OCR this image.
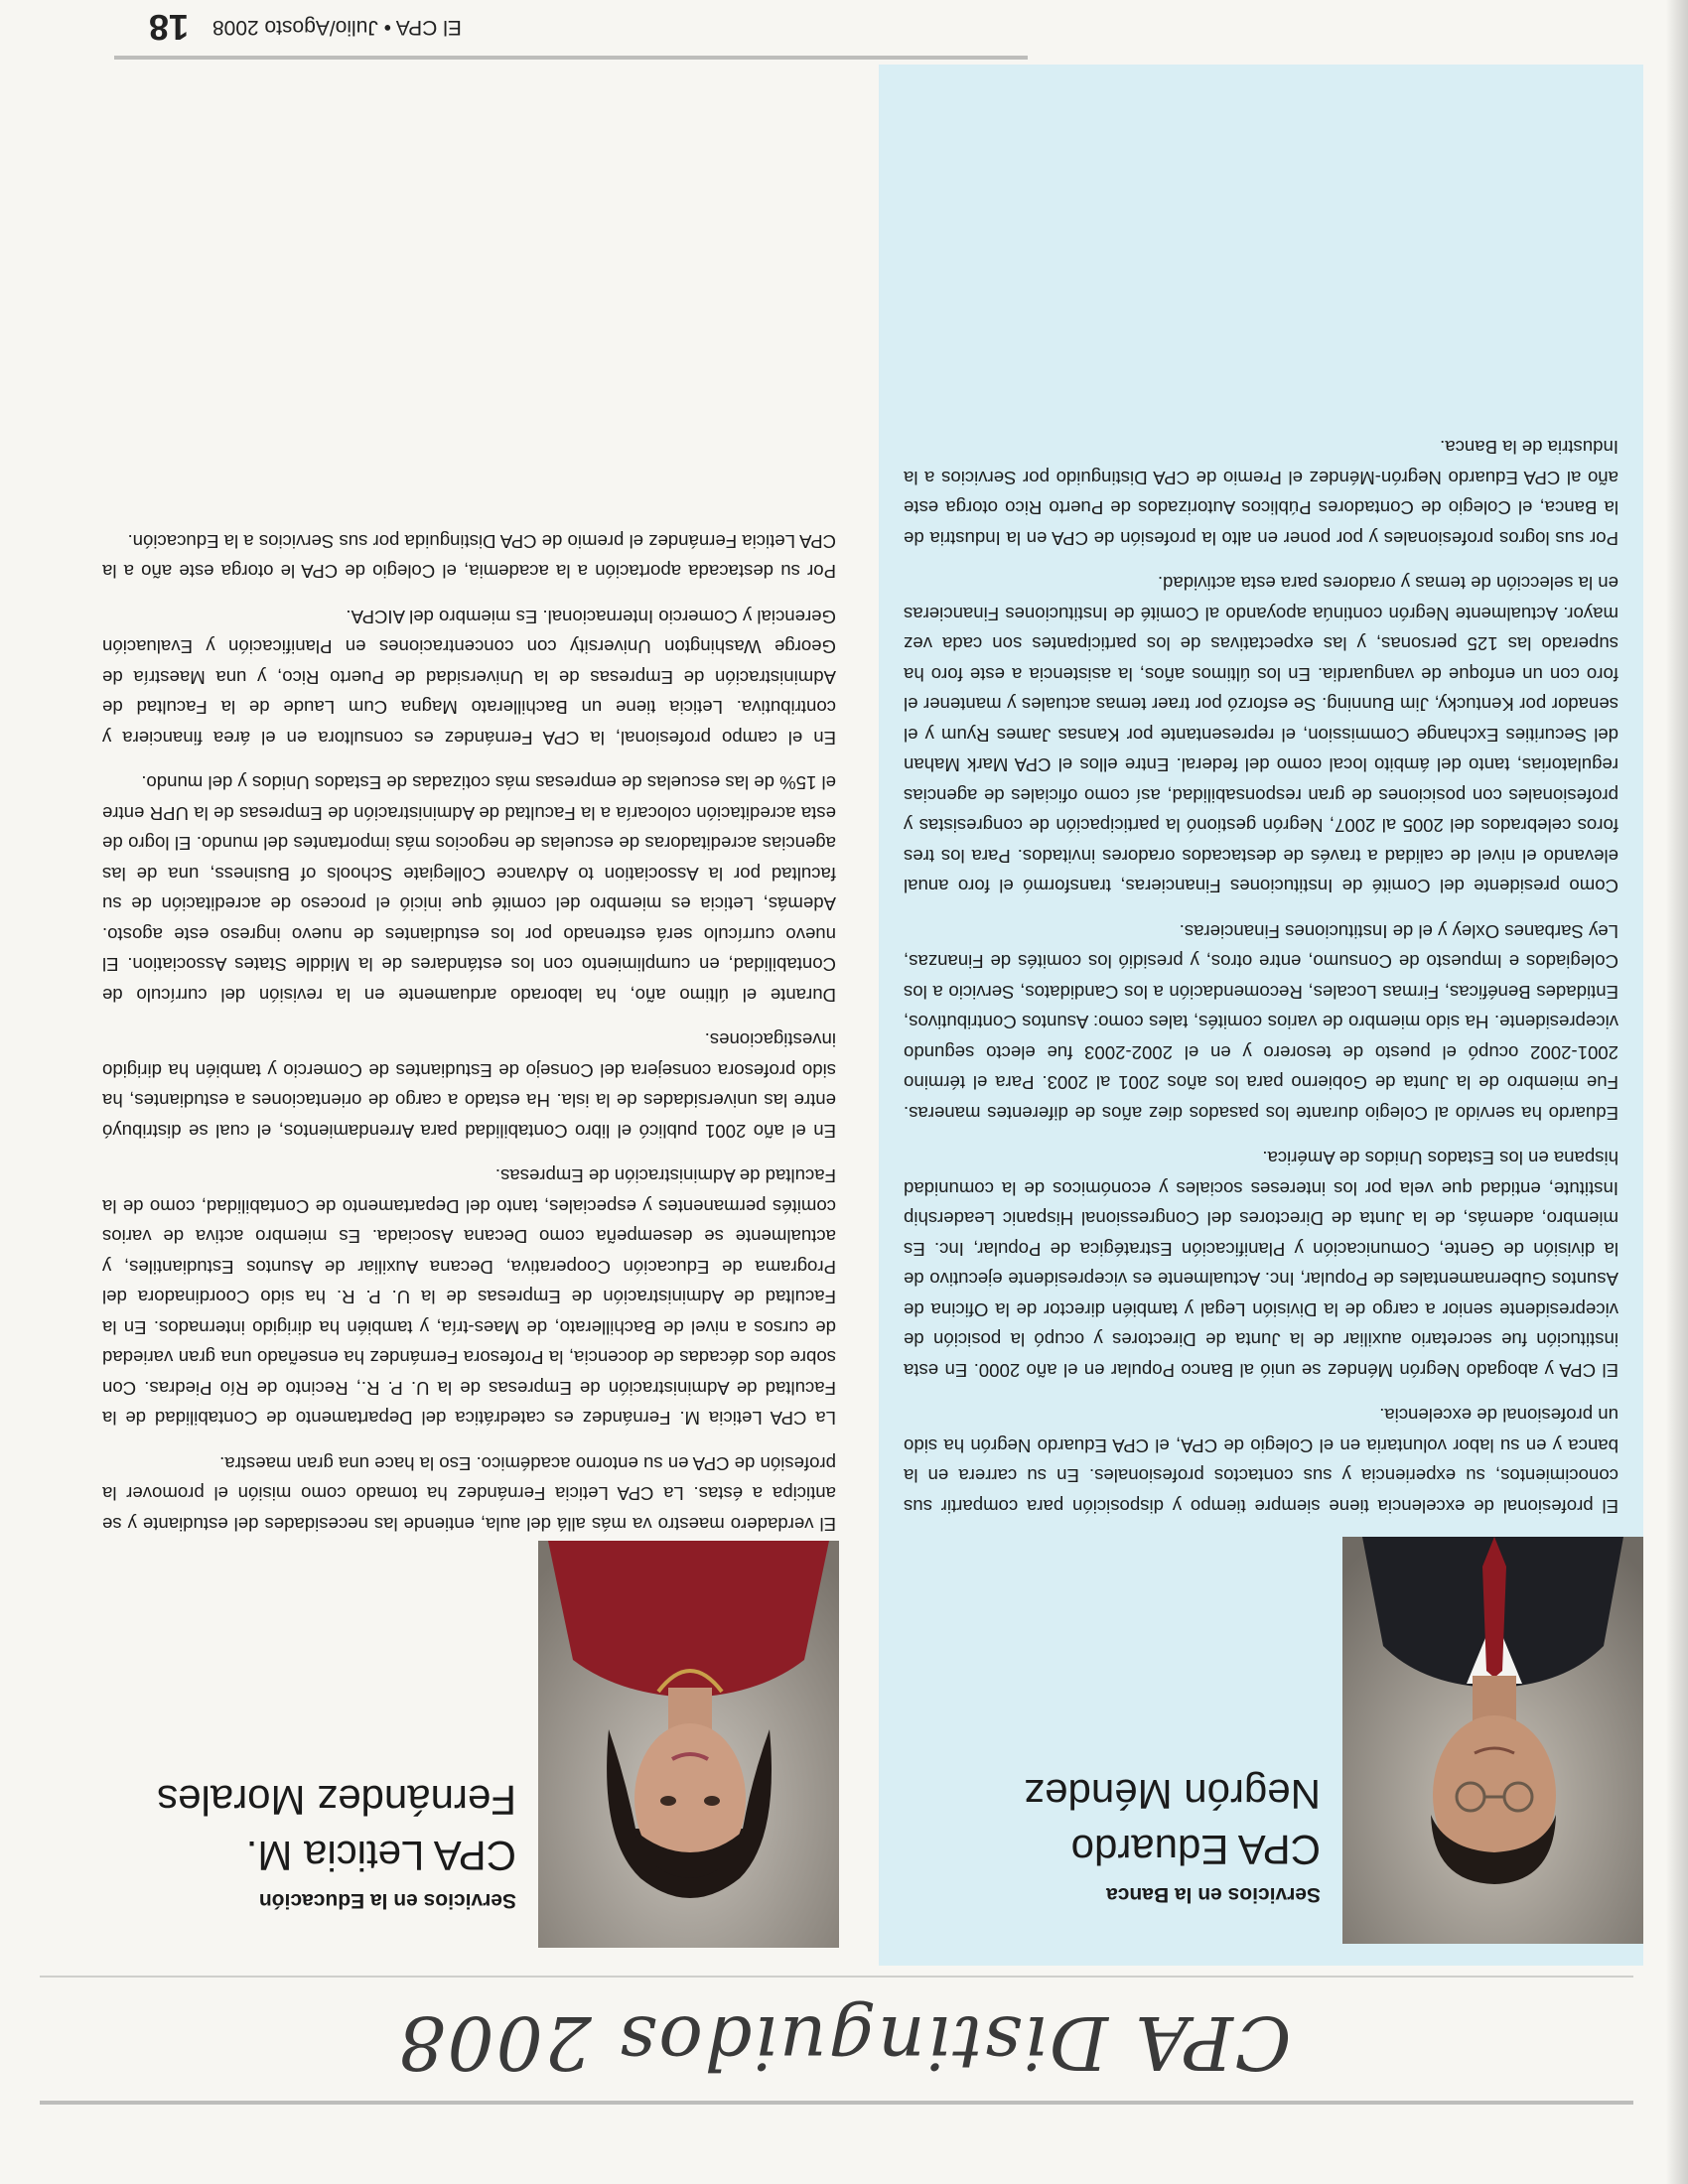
CPA Distinguidos 2008
Servicios en la Banca
CPA Eduardo
Negrón Méndez

El profesional de excelencia tiene siempre tiempo y disposición para compartir sus conocimientos, su experiencia y sus contactos profesionales. En su carrera en la banca y en su labor voluntaria en el Colegio de CPA, el CPA Eduardo Negrón ha sido un profesional de excelencia.

El CPA y abogado Negrón Méndez se unió al Banco Popular en el año 2000. En esta institución fue secretario auxiliar de la Junta de Directores y ocupó la posición de vicepresidente senior a cargo de la División Legal y también director de la Oficina de Asuntos Gubernamentales de Popular, Inc. Actualmente es vicepresidente ejecutivo de la división de Gente, Comunicación y Planificación Estratégica de Popular, Inc. Es miembro, además, de la Junta de Directores del Congressional Hispanic Leadership Institute, entidad que vela por los intereses sociales y económicos de la comunidad hispana en los Estados Unidos de América.

Eduardo ha servido al Colegio durante los pasados diez años de diferentes maneras. Fue miembro de la Junta de Gobierno para los años 2001 al 2003. Para el término 2001-2002 ocupó el puesto de tesorero y en el 2002-2003 fue electo segundo vicepresidente. Ha sido miembro de varios comités, tales como: Asuntos Contributivos, Entidades Benéficas, Firmas Locales, Recomendación a los Candidatos, Servicio a los Colegiados e Impuesto de Consumo, entre otros, y presidió los comités de Finanzas, Ley Sarbanes Oxley y el de Instituciones Financieras.

Como presidente del Comité de Instituciones Financieras, transformó el foro anual elevando el nivel de calidad a través de destacados oradores invitados. Para los tres foros celebrados del 2005 al 2007, Negrón gestionó la participación de congresistas y profesionales con posiciones de gran responsabilidad, así como oficiales de agencias regulatorias, tanto del ámbito local como del federal. Entre ellos el CPA Mark Mahan del Securities Exchange Commission, el representante por Kansas James Ryum y el senador por Kentucky, Jim Bunning. Se esforzó por traer temas actuales y mantener el foro con un enfoque de vanguardia. En los últimos años, la asistencia a este foro ha superado las 125 personas, y las expectativas de los participantes son cada vez mayor. Actualmente Negrón continúa apoyando al Comité de Instituciones Financieras en la selección de temas y oradores para esta actividad.

Por sus logros profesionales y por poner en alto la profesión de CPA en la Industria de la Banca, el Colegio de Contadores Públicos Autorizados de Puerto Rico otorga este año al CPA Eduardo Negrón-Méndez el Premio de CPA Distinguido por Servicios a la Industria de la Banca.

Servicios en la Educación
CPA Leticia M.
Fernández Morales

El verdadero maestro va más allá del aula, entiende las necesidades del estudiante y se anticipa a éstas. La CPA Leticia Fernández ha tomado como misión el promover la profesión de CPA en su entorno académico. Eso la hace una gran maestra.

La CPA Leticia M. Fernández es catedrática del Departamento de Contabilidad de la Facultad de Administración de Empresas de la U. P. R., Recinto de Río Piedras. Con sobre dos décadas de docencia, la Profesora Fernández ha enseñado una gran variedad de cursos a nivel de Bachillerato, de Maes-tría, y también ha dirigido internados. En la Facultad de Administración de Empresas de la U. P. R. ha sido Coordinadora del Programa de Educación Cooperativa, Decana Auxiliar de Asuntos Estudiantiles, y actualmente se desempeña como Decana Asociada. Es miembro activa de varios comités permanentes y especiales, tanto del Departamento de Contabilidad, como de la Facultad de Administración de Empresas.

En el año 2001 publicó el libro Contabilidad para Arrendamientos, el cual se distribuyó entre las universidades de la isla. Ha estado a cargo de orientaciones a estudiantes, ha sido profesora consejera del Consejo de Estudiantes de Comercio y también ha dirigido investigaciones.

Durante el último año, ha laborado arduamente en la revisión del currículo de Contabilidad, en cumplimiento con los estándares de la Middle States Association. El nuevo currículo será estrenado por los estudiantes de nuevo ingreso este agosto. Además, Leticia es miembro del comité que inició el proceso de acreditación de su facultad por la Association to Advance Collegiate Schools of Business, una de las agencias acreditadoras de escuelas de negocios más importantes del mundo. El logro de esta acreditación colocaría a la Facultad de Administración de Empresas de la UPR entre el 15% de las escuelas de empresas más cotizadas de Estados Unidos y del mundo.

En el campo profesional, la CPA Fernández es consultora en el área financiera y contributiva. Leticia tiene un Bachillerato Magna Cum Laude de la Facultad de Administración de Empresas de la Universidad de Puerto Rico, y una Maestría de George Washington University con concentraciones en Planificación y Evaluación Gerencial y Comercio Internacional. Es miembro del AICPA.

Por su destacada aportación a la academia, el Colegio de CPA le otorga este año a la CPA Leticia Fernández el premio de CPA Distinguida por sus Servicios a la Educación.

El CPA • Julio/Agosto 2008 18
